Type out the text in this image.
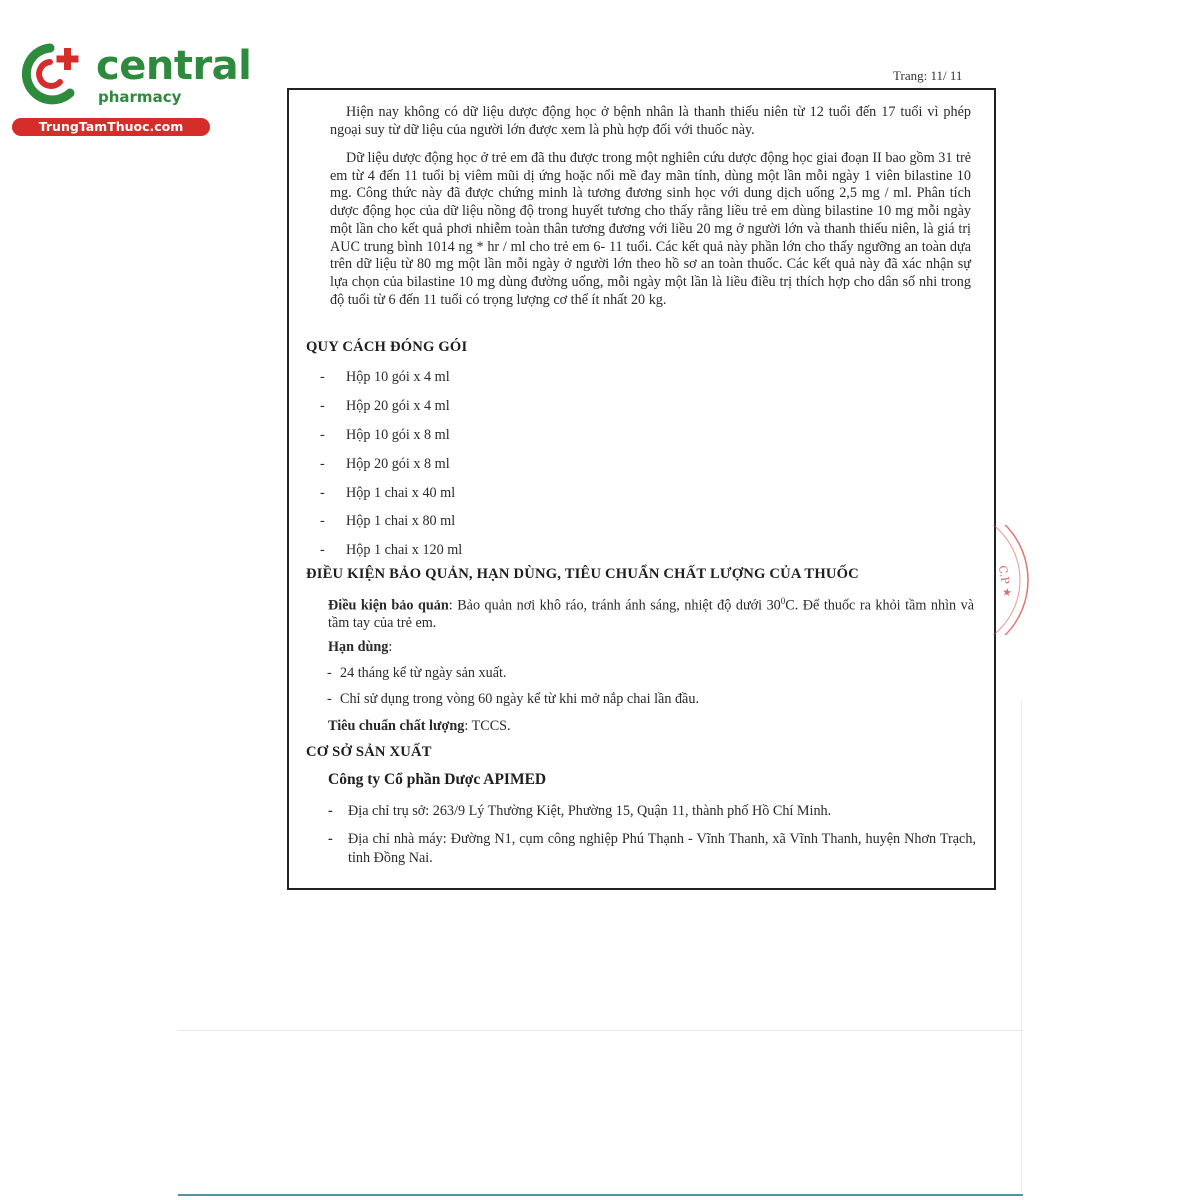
central
pharmacy
TrungTamThuoc.com
Trang: 11/ 11

Hiện nay không có dữ liệu dược động học ở bệnh nhân là thanh thiếu niên từ 12 tuổi đến 17 tuổi vì phép ngoại suy từ dữ liệu của người lớn được xem là phù hợp đối với thuốc này.

Dữ liệu dược động học ở trẻ em đã thu được trong một nghiên cứu dược động học giai đoạn II bao gồm 31 trẻ em từ 4 đến 11 tuổi bị viêm mũi dị ứng hoặc nổi mề đay mãn tính, dùng một lần mỗi ngày 1 viên bilastine 10 mg. Công thức này đã được chứng minh là tương đương sinh học với dung dịch uống 2,5 mg / ml. Phân tích dược động học của dữ liệu nồng độ trong huyết tương cho thấy rằng liều trẻ em dùng bilastine 10 mg mỗi ngày một lần cho kết quả phơi nhiễm toàn thân tương đương với liều 20 mg ở người lớn và thanh thiếu niên, là giá trị AUC trung bình 1014 ng * hr / ml cho trẻ em 6- 11 tuổi. Các kết quả này phần lớn cho thấy ngưỡng an toàn dựa trên dữ liệu từ 80 mg một lần mỗi ngày ở người lớn theo hồ sơ an toàn thuốc. Các kết quả này đã xác nhận sự lựa chọn của bilastine 10 mg dùng đường uống, mỗi ngày một lần là liều điều trị thích hợp cho dân số nhi trong độ tuổi từ 6 đến 11 tuổi có trọng lượng cơ thể ít nhất 20 kg.

QUY CÁCH ĐÓNG GÓI
- Hộp 10 gói x 4 ml
- Hộp 20 gói x 4 ml
- Hộp 10 gói x 8 ml
- Hộp 20 gói x 8 ml
- Hộp 1 chai x 40 ml
- Hộp 1 chai x 80 ml
- Hộp 1 chai x 120 ml
ĐIỀU KIỆN BẢO QUẢN, HẠN DÙNG, TIÊU CHUẨN CHẤT LƯỢNG CỦA THUỐC

Điều kiện bảo quản: Bảo quản nơi khô ráo, tránh ánh sáng, nhiệt độ dưới $30^0C$. Để thuốc ra khỏi tầm nhìn và tầm tay của trẻ em.

Hạn dùng:
- 24 tháng kể từ ngày sản xuất.
- Chỉ sử dụng trong vòng 60 ngày kể từ khi mở nắp chai lần đầu.
Tiêu chuẩn chất lượng: TCCS.
CƠ SỞ SẢN XUẤT
Công ty Cổ phần Dược APIMED
-	Địa chỉ trụ sở: 263/9 Lý Thường Kiệt, Phường 15, Quận 11, thành phố Hồ Chí Minh.
-	Địa chỉ nhà máy: Đường N1, cụm công nghiệp Phú Thạnh - Vĩnh Thanh, xã Vĩnh Thanh, huyện Nhơn Trạch, tỉnh Đồng Nai.
C.P ★
